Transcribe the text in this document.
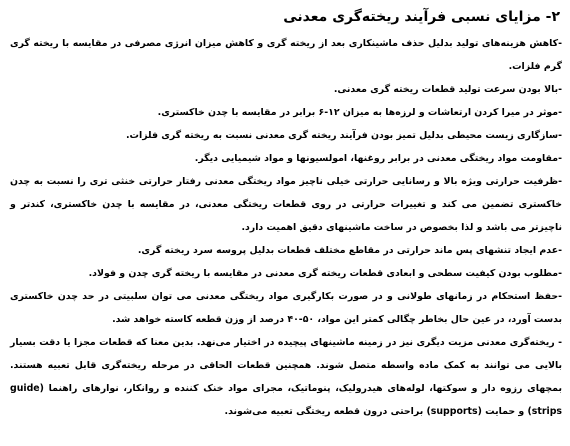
۲- مزایای نسبی فرآیند ریخته‌گری معدنی

-کاهش هزینه‌های تولید بدلیل حذف ماشینکاری بعد از ریخته گری و کاهش میزان انرژی مصرفی در مقایسه با ریخته گری گرم فلزات.

-بالا بودن سرعت تولید قطعات ریخته گری معدنی.

-موثر در میرا کردن ارتعاشات و لرزه‌ها به میزان ۱۲-۶ برابر در مقایسه با چدن خاکستری.

-سازگاری زیست محیطی بدلیل تمیز بودن فرآیند ریخته گری معدنی نسبت به ریخته گری فلزات.

-مقاومت مواد ریختگی معدنی در برابر روغنها، امولسیونها و مواد شیمیایی دیگر.

-ظرفیت حرارتی ویژه بالا و رسانایی حرارتی خیلی ناچیز مواد ریختگی معدنی رفتار حرارتی خنثی تری را نسبت به چدن خاکستری تضمین می کند و تغییرات حرارتی در روی قطعات ریختگی معدنی، در مقایسه با چدن خاکستری، کندتر و ناچیزتر می باشد و لذا بخصوص در ساخت ماشینهای دقیق اهمیت دارد.

-عدم ایجاد تنشهای پس ماند حرارتی در مقاطع مختلف قطعات بدلیل پروسه سرد ریخته گری.

-مطلوب بودن کیفیت سطحی و ابعادی قطعات ریخته گری معدنی در مقایسه با ریخته گری چدن و فولاد.

-حفظ استحکام در زمانهای طولانی و در صورت بکارگیری مواد ریختگی معدنی می توان سلبیتی در حد چدن خاکستری بدست آورد، در عین حال بخاطر چگالی کمتر این مواد، ۵۰-۴۰ درصد از وزن قطعه کاسته خواهد شد.

- ریخته‌گری معدنی مزیت دیگری نیز در زمینه ماشینهای پیچیده در اختیار می‌نهد. بدین معنا که قطعات مجزا یا دقت بسیار بالایی می توانند به کمک ماده واسطه متصل شوند. همچنین قطعات الحاقی در مرحله ریخته‌گری قابل تعبیه هستند. بمچهای رزوه دار و سوکتها، لوله‌های هیدرولیک، پنوماتیک، مجرای مواد خنک کننده و روانکار، نوارهای راهنما (guide strips) و حمایت (supports) براحتی درون قطعه ریختگی تعبیه می‌شوند.
